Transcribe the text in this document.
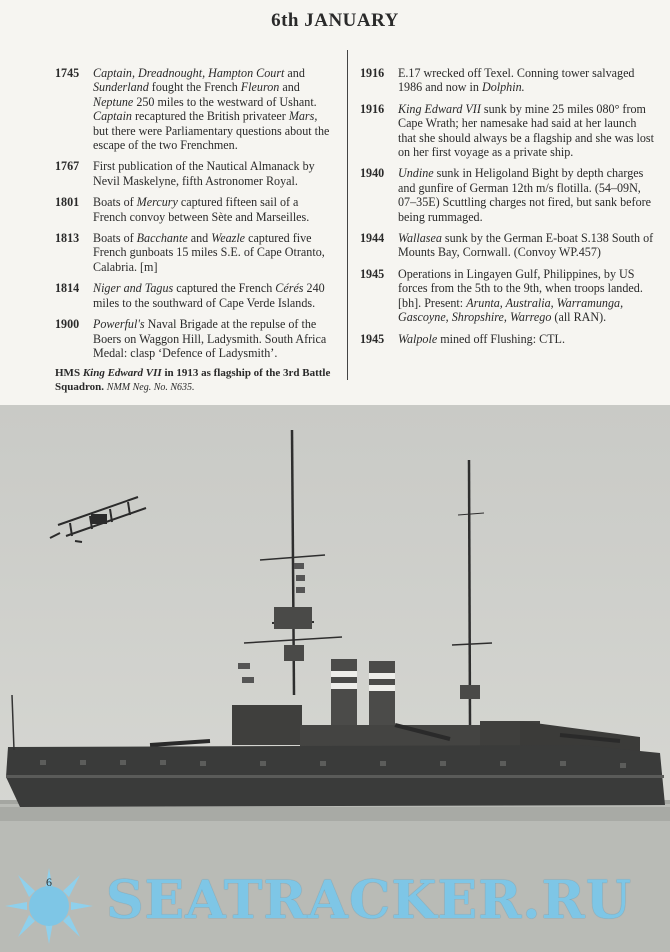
6th JANUARY
1745	Captain, Dreadnought, Hampton Court and Sunderland fought the French Fleuron and Neptune 250 miles to the westward of Ushant. Captain recaptured the British privateer Mars, but there were Parliamentary questions about the escape of the two Frenchmen.
1767	First publication of the Nautical Almanack by Nevil Maskelyne, fifth Astronomer Royal.
1801	Boats of Mercury captured fifteen sail of a French convoy between Sète and Marseilles.
1813	Boats of Bacchante and Weazle captured five French gunboats 15 miles S.E. of Cape Otranto, Calabria. [m]
1814	Niger and Tagus captured the French Cérés 240 miles to the southward of Cape Verde Islands.
1900	Powerful's Naval Brigade at the repulse of the Boers on Waggon Hill, Ladysmith. South Africa Medal: clasp ‘Defence of Ladysmith’.
HMS King Edward VII in 1913 as flagship of the 3rd Battle Squadron. NMM Neg. No. N635.
1916	E.17 wrecked off Texel. Conning tower salvaged 1986 and now in Dolphin.
1916	King Edward VII sunk by mine 25 miles 080° from Cape Wrath; her namesake had said at her launch that she should always be a flagship and she was lost on her first voyage as a private ship.
1940	Undine sunk in Heligoland Bight by depth charges and gunfire of German 12th m/s flotilla. (54–09N, 07–35E) Scuttling charges not fired, but sank before being rummaged.
1944	Wallasea sunk by the German E-boat S.138 South of Mounts Bay, Cornwall. (Convoy WP.457)
1945	Operations in Lingayen Gulf, Philippines, by US forces from the 5th to the 9th, when troops landed. [bh]. Present: Arunta, Australia, Warramunga, Gascoyne, Shropshire, Warrego (all RAN).
1945	Walpole mined off Flushing: CTL.
6 SEATRACKER.RU
